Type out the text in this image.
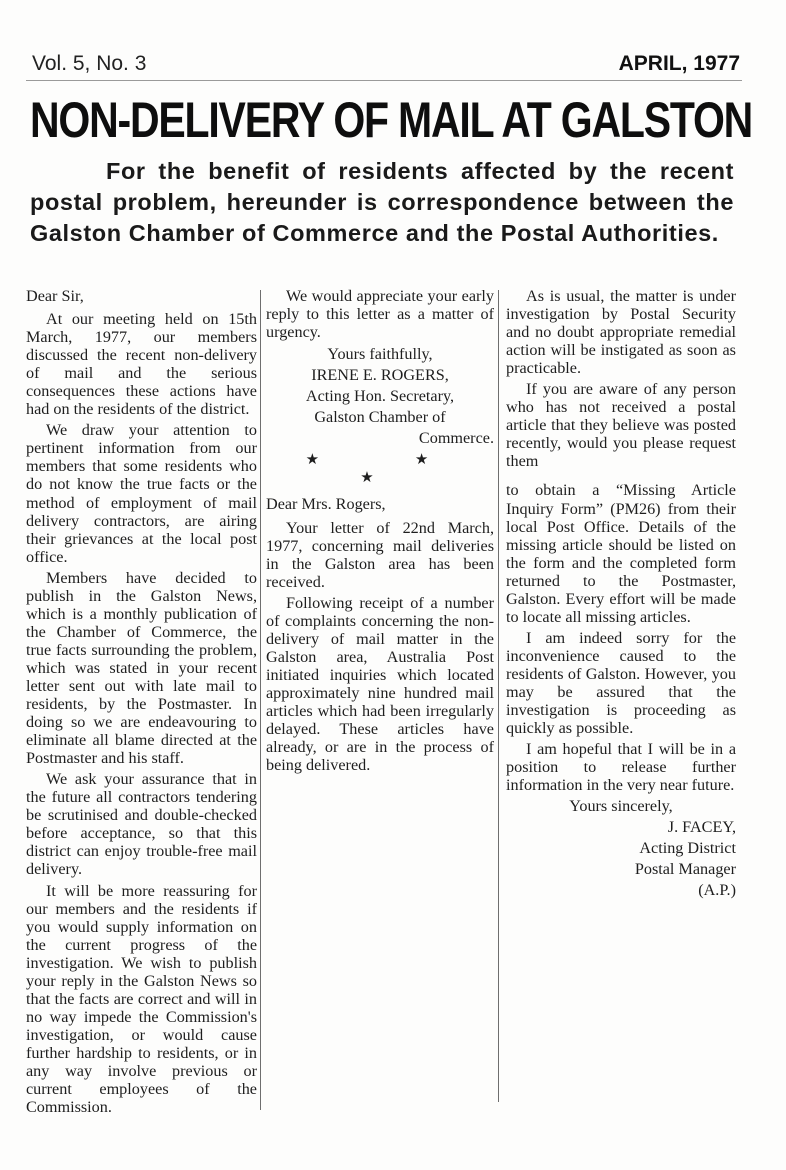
Vol. 5, No. 3	APRIL, 1977
NON-DELIVERY OF MAIL AT GALSTON
For the benefit of residents affected by the recent postal problem, hereunder is correspondence between the Galston Chamber of Commerce and the Postal Authorities.

Dear Sir,

At our meeting held on 15th March, 1977, our members discussed the recent non-delivery of mail and the serious consequences these actions have had on the residents of the district.

We draw your attention to pertinent information from our members that some residents who do not know the true facts or the method of employment of mail delivery contractors, are airing their grievances at the local post office.

Members have decided to publish in the Galston News, which is a monthly publication of the Chamber of Commerce, the true facts surrounding the problem, which was stated in your recent letter sent out with late mail to residents, by the Postmaster. In doing so we are endeavouring to eliminate all blame directed at the Postmaster and his staff.

We ask your assurance that in the future all contractors tendering be scrutinised and double-checked before acceptance, so that this district can enjoy trouble-free mail delivery.

It will be more reassuring for our members and the residents if you would supply information on the current progress of the investigation. We wish to publish your reply in the Galston News so that the facts are correct and will in no way impede the Commission's investigation, or would cause further hardship to residents, or in any way involve previous or current employees of the Commission.

We would appreciate your early reply to this letter as a matter of urgency.

Yours faithfully,

IRENE E. ROGERS,

Acting Hon. Secretary,

Galston Chamber of

Commerce.

★ ★ ★

Dear Mrs. Rogers,

Your letter of 22nd March, 1977, concerning mail deliveries in the Galston area has been received.

Following receipt of a number of complaints concerning the non-delivery of mail matter in the Galston area, Australia Post initiated inquiries which located approximately nine hundred mail articles which had been irregularly delayed. These articles have already, or are in the process of being delivered.

As is usual, the matter is under investigation by Postal Security and no doubt appropriate remedial action will be instigated as soon as practicable.

If you are aware of any person who has not received a postal article that they believe was posted recently, would you please request them

to obtain a “Missing Article Inquiry Form” (PM26) from their local Post Office. Details of the missing article should be listed on the form and the completed form returned to the Postmaster, Galston. Every effort will be made to locate all missing articles.

I am indeed sorry for the inconvenience caused to the residents of Galston. However, you may be assured that the investigation is proceeding as quickly as possible.

I am hopeful that I will be in a position to release further information in the very near future.

Yours sincerely,

J. FACEY,

Acting District

Postal Manager

(A.P.)
